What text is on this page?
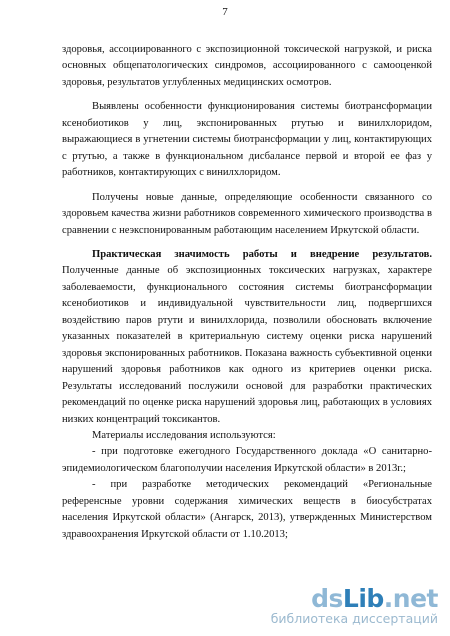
7

здоровья, ассоциированного с экспозиционной токсической нагрузкой, и риска основных общепатологических синдромов, ассоциированного с самооценкой здоровья, результатов углубленных медицинских осмотров.

Выявлены особенности функционирования системы биотрансформации ксенобиотиков у лиц, экспонированных ртутью и винилхлоридом, выражающиеся в угнетении системы биотрансформации у лиц, контактирующих с ртутью, а также в функциональном дисбалансе первой и второй ее фаз у работников, контактирующих с винилхлоридом.

Получены новые данные, определяющие особенности связанного со здоровьем качества жизни работников современного химического производства в сравнении с неэкспонированным работающим населением Иркутской области.

Практическая значимость работы и внедрение результатов. Полученные данные об экспозиционных токсических нагрузках, характере заболеваемости, функционального состояния системы биотрансформации ксенобиотиков и индивидуальной чувствительности лиц, подвергшихся воздействию паров ртути и винилхлорида, позволили обосновать включение указанных показателей в критериальную систему оценки риска нарушений здоровья экспонированных работников. Показана важность субъективной оценки нарушений здоровья работников как одного из критериев оценки риска. Результаты исследований послужили основой для разработки практических рекомендаций по оценке риска нарушений здоровья лиц, работающих в условиях низких концентраций токсикантов.

Материалы исследования используются:

- при подготовке ежегодного Государственного доклада «О санитарно-эпидемиологическом благополучии населения Иркутской области» в 2013г.;

- при разработке методических рекомендаций «Региональные референсные уровни содержания химических веществ в биосубстратах населения Иркутской области» (Ангарск, 2013), утвержденных Министерством здравоохранения Иркутской области от 1.10.2013;

dsLib.net
библиотека диссертаций
